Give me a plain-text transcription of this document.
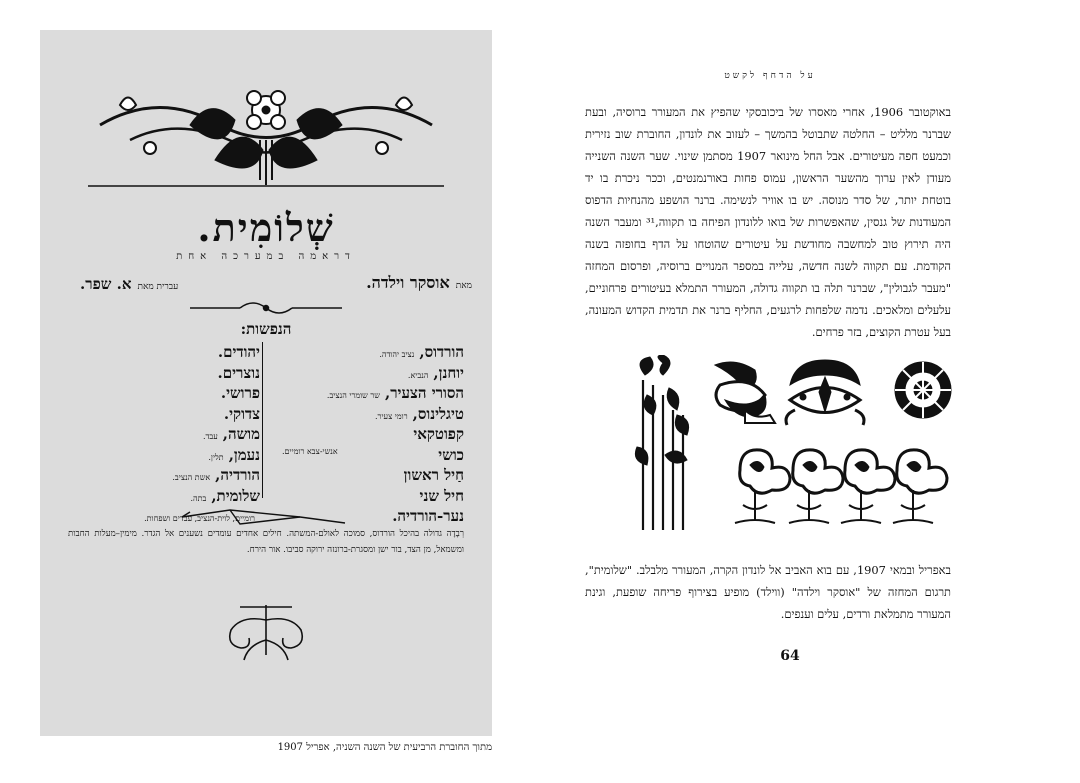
שְׁלוֹמִית.
דראמה במערכה אחת
מאתאוסקר וילדה.
עברית מאתא. שפר.
הנפשות:
הורדוס,נציב יהודה.
יוחנן,הנביא.
הסורי הצעיר,שר שומרי הנציב.
טיגלינוס,רומי צעיר.
קפוטקאי
כושי
חַיל ראשון
חיל שני
נער-הורדיה.
אנשי-צבא רומיים.
יהודים.
נוצרים.
פרושי.
צדוקי.
מושה,עבד.
נעמן,תלין.
הורדיה,אשת הנציב.
שלומית,בתה.
רומיים, לוית-הנציב, עבדים ושפחות.
רְבָדָה גדולה בהיכל הורדוס, סמוכה לאולם-המשתה. חילים אחדים עומדים נשענים אל הגדר. מימין–מעלות החבות ומשמאל, מן הצד, בור ישן ומסגרת-ברונזה ירוקה סביבו. אור הירח.
מתוך החוברת הרביעית של השנה השניה, אפריל 1907
על הדחף לקשט
באוקטובר 1906, אחרי מאסרו של ביכובסקי שהפיץ את המעורר ברוסיה, ובעת שברנר מלליט – החלטה שתבוטל בהמשך – לעזוב את לונדון, החוברת שוב נזירית וכמעט חפה מעיטורים. אבל החל מינואר 1907 מסתמן שינוי. שער השנה השנייה מעודן לאין ערוך מהשער הראשון, עמוס פחות באורנמנטים, וככר ניכרת בו יד בוטחת יותר, של סדר מנוסה. יש בו אוויר לנשימה. ברנר הושפע מהנחיות הדפוס המעודנות של גנסין, שהאפשרות של בואו ללונדון הפיחה בו תקווה,³¹ ומעבר השנה היה תירוץ טוב למחשבה מחודשת על עיטורים שהוטחו על הדף בחופזה בשנה הקודמת. עם תקווה לשנה חדשה, עלייה במספר המנויים ברוסיה, ופרסום המחזה "מעבר לגבולין", שברנר תלה בו תקווה גדולה, המעורר התמלא בעיטורים פרחוניים, עלעלים ומלאכים. נדמה שלפחות לרגעים, החליף ברנר את תדמית הקדוש המעונה, בעל עטרת הקוצים, בזר פרחים.
באפריל ובמאי 1907, עם בוא האביב אל לונדון הקרה, המעורר מלבלב. "שלומית", תרגום המחזה של "אוסקר וילדה" (ווילד) מופיע בצירוף פריחה שופעת, וגינת המעורר מתמלאת ורדים, עלים וענפים.
64
